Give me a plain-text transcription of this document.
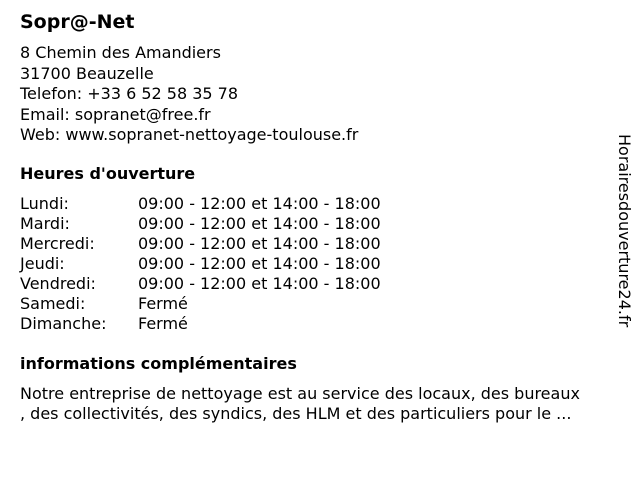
Sopr@-Net
8 Chemin des Amandiers
31700 Beauzelle
Telefon: +33 6 52 58 35 78
Email: sopranet@free.fr
Web: www.sopranet-nettoyage-toulouse.fr
Heures d'ouverture
Lundi:	09:00 - 12:00 et 14:00 - 18:00
Mardi:	09:00 - 12:00 et 14:00 - 18:00
Mercredi:	09:00 - 12:00 et 14:00 - 18:00
Jeudi:	09:00 - 12:00 et 14:00 - 18:00
Vendredi:	09:00 - 12:00 et 14:00 - 18:00
Samedi:	Fermé
Dimanche: Fermé
informations complémentaires
Notre entreprise de nettoyage est au service des locaux, des bureaux
, des collectivités, des syndics, des HLM et des particuliers pour le ...
Horairesdouverture24.fr
